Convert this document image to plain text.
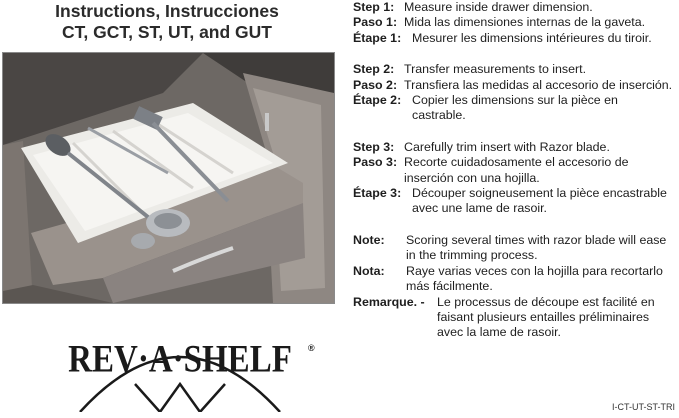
Instructions, Instrucciones
CT, GCT, ST, UT, and GUT
REV·A·SHELF	®
Step 1: Measure inside drawer dimension.
Paso 1: Mida las dimensiones internas de la gaveta.
Étape 1: Mesurer les dimensions intérieures du tiroir.
Step 2: Transfer measurements to insert.
Paso 2: Transfiera las medidas al accesorio de inserción.
Étape 2: Copier les dimensions sur la pièce en castrable.
Step 3: Carefully trim insert with Razor blade.
Paso 3: Recorte cuidadosamente el accesorio de inserción con una hojilla.
Étape 3: Découper soigneusement la pièce encastrable avec une lame de rasoir.
Note:	Scoring several times with razor blade will ease in the trimming process.
Nota:	Raye varias veces con la hojilla para recortarlo más fácilmente.
Remarque. - Le processus de découpe est facilité en faisant plusieurs entailles préliminaires avec la lame de rasoir.
I-CT-UT-ST-TRI
